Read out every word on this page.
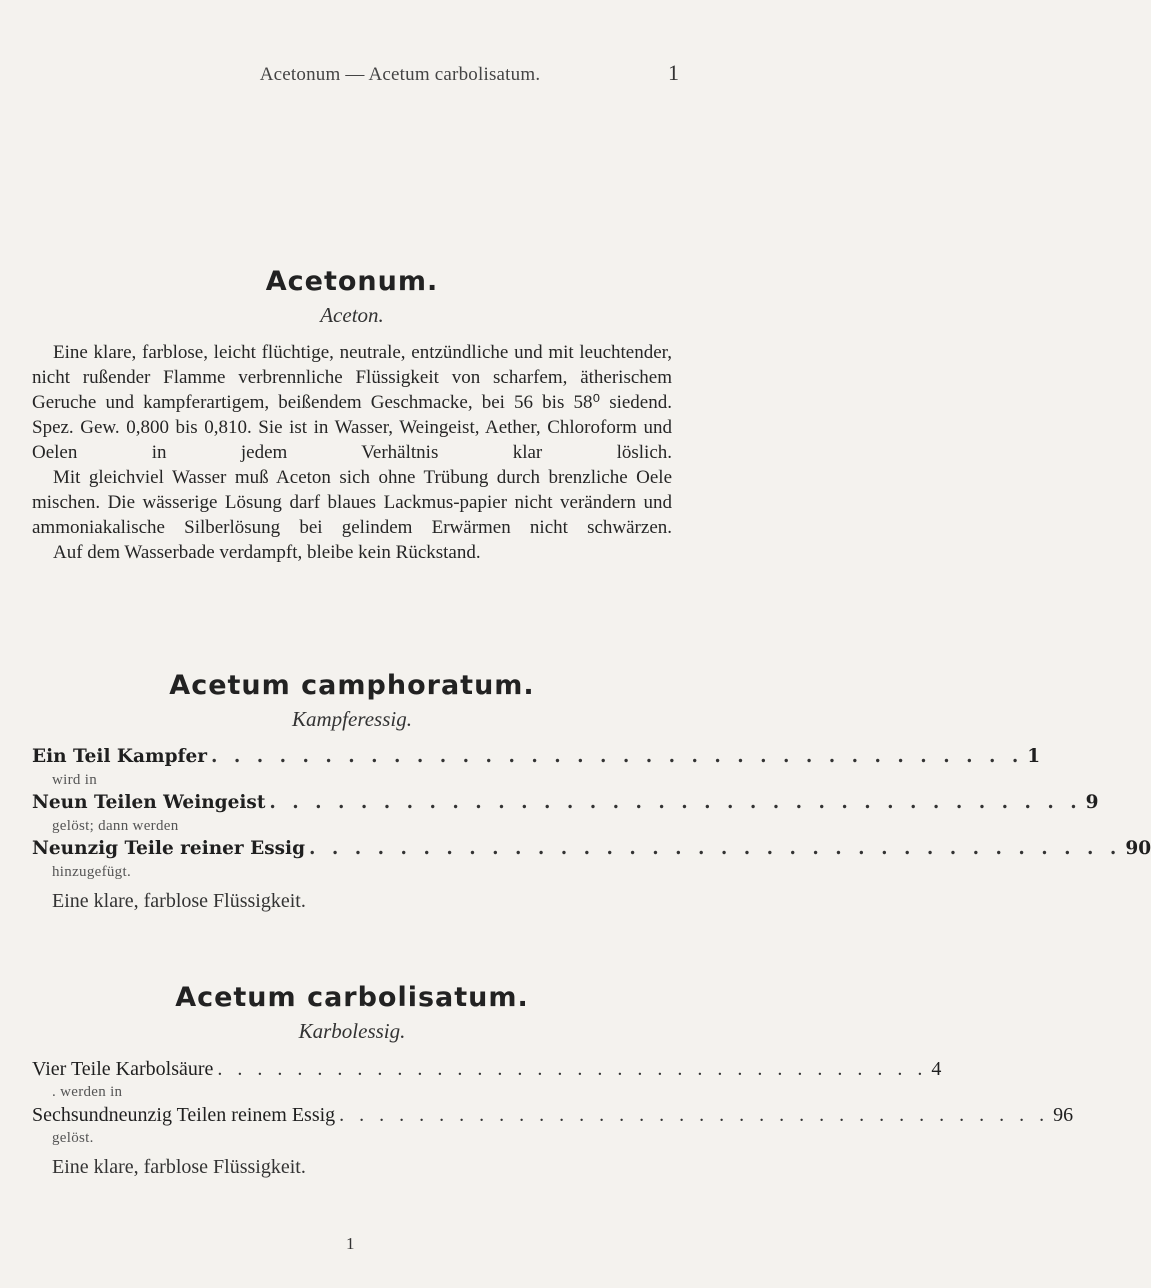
Acetonum — Acetum carbolisatum.	1
Acetonum.
Aceton.

Eine klare, farblose, leicht flüchtige, neutrale, entzündliche und mit leuchtender, nicht rußender Flamme verbrennliche Flüssigkeit von scharfem, ätherischem Geruche und kampferartigem, beißendem Geschmacke, bei 56 bis 58⁰ siedend. Spez. Gew. 0,800 bis 0,810. Sie ist in Wasser, Weingeist, Aether, Chloroform und Oelen in jedem Verhältnis klar löslich.

Mit gleichviel Wasser muß Aceton sich ohne Trübung durch brenzliche Oele mischen. Die wässerige Lösung darf blaues Lackmus-papier nicht verändern und ammoniakalische Silberlösung bei gelindem Erwärmen nicht schwärzen.

Auf dem Wasserbade verdampft, bleibe kein Rückstand.

Acetum camphoratum.
Kampferessig.
Ein Teil Kampfer . . . . . . . . . . . . . . . . . . . . . . . . . . . . . . . . . . . . 1
wird in
Neun Teilen Weingeist . . . . . . . . . . . . . . . . . . . . . . . . . . . . . . . . . . . . 9
gelöst; dann werden
Neunzig Teile reiner Essig . . . . . . . . . . . . . . . . . . . . . . . . . . . . . . . . . . . . 90
hinzugefügt.
Eine klare, farblose Flüssigkeit.
Acetum carbolisatum.
Karbolessig.
Vier Teile Karbolsäure . . . . . . . . . . . . . . . . . . . . . . . . . . . . . . . . . . . . 4
. werden in
Sechsundneunzig Teilen reinem Essig . . . . . . . . . . . . . . . . . . . . . . . . . . . . . . . . . . . . 96
gelöst.
Eine klare, farblose Flüssigkeit.
1
